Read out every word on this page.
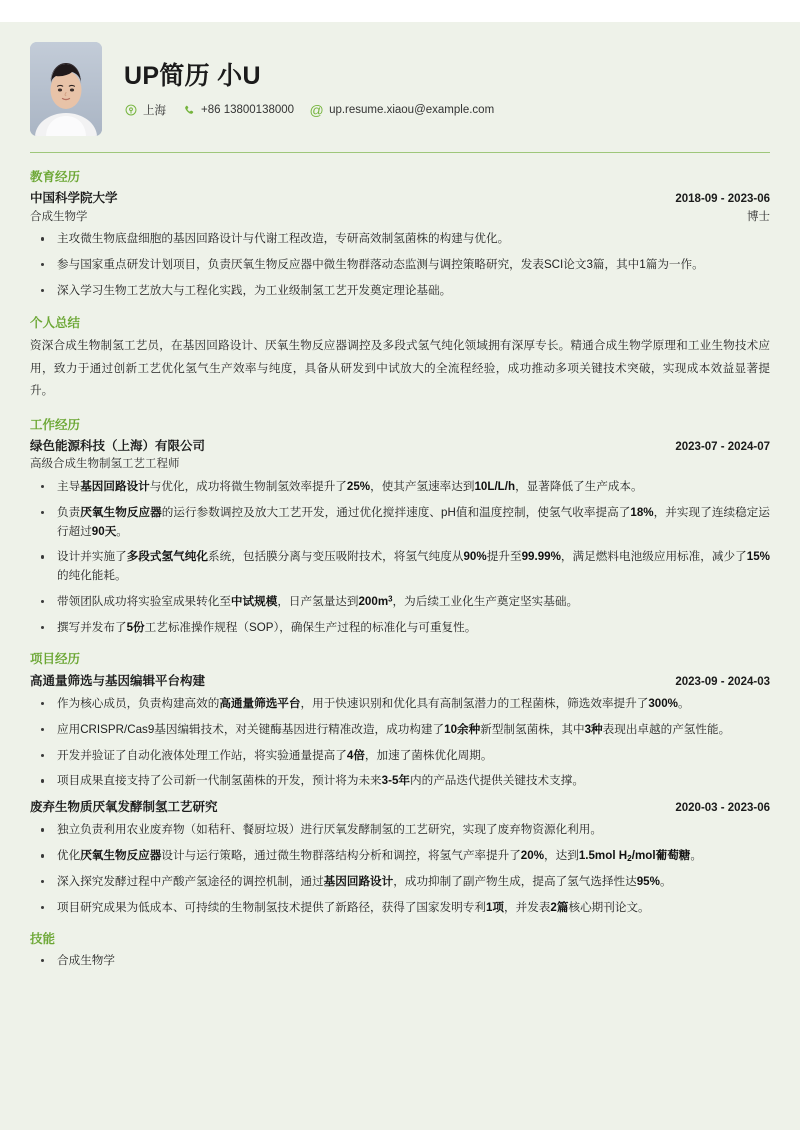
UP简历 小U
上海	+86 13800138000 @ up.resume.xiaou@example.com
教育经历
中国科学院大学	2018-09 - 2023-06
合成生物学	博士
主攻微生物底盘细胞的基因回路设计与代谢工程改造，专研高效制氢菌株的构建与优化。
参与国家重点研发计划项目，负责厌氧生物反应器中微生物群落动态监测与调控策略研究，发表SCI论文3篇，其中1篇为一作。
深入学习生物工艺放大与工程化实践，为工业级制氢工艺开发奠定理论基础。
个人总结
资深合成生物制氢工艺员，在基因回路设计、厌氧生物反应器调控及多段式氢气纯化领域拥有深厚专长。精通合成生物学原理和工业生物技术应用，致力于通过创新工艺优化氢气生产效率与纯度，具备从研发到中试放大的全流程经验，成功推动多项关键技术突破，实现成本效益显著提升。
工作经历
绿色能源科技（上海）有限公司	2023-07 - 2024-07
高级合成生物制氢工艺工程师
主导基因回路设计与优化，成功将微生物制氢效率提升了25%，使其产氢速率达到10L/L/h，显著降低了生产成本。
负责厌氧生物反应器的运行参数调控及放大工艺开发，通过优化搅拌速度、pH值和温度控制，使氢气收率提高了18%，并实现了连续稳定运行超过90天。
设计并实施了多段式氢气纯化系统，包括膜分离与变压吸附技术，将氢气纯度从90%提升至99.99%，满足燃料电池级应用标准，减少了15%的纯化能耗。
带领团队成功将实验室成果转化至中试规模，日产氢量达到$200m^3$，为后续工业化生产奠定坚实基础。
撰写并发布了5份工艺标准操作规程（SOP），确保生产过程的标准化与可重复性。
项目经历
高通量筛选与基因编辑平台构建	2023-09 - 2024-03
作为核心成员，负责构建高效的高通量筛选平台，用于快速识别和优化具有高制氢潜力的工程菌株，筛选效率提升了300%。
应用CRISPR/Cas9基因编辑技术，对关键酶基因进行精准改造，成功构建了10余种新型制氢菌株，其中3种表现出卓越的产氢性能。
开发并验证了自动化液体处理工作站，将实验通量提高了4倍，加速了菌株优化周期。
项目成果直接支持了公司新一代制氢菌株的开发，预计将为未来3-5年内的产品迭代提供关键技术支撑。
废弃生物质厌氧发酵制氢工艺研究	2020-03 - 2023-06
独立负责利用农业废弃物（如秸秆、餐厨垃圾）进行厌氧发酵制氢的工艺研究，实现了废弃物资源化利用。
优化厌氧生物反应器设计与运行策略，通过微生物群落结构分析和调控，将氢气产率提升了20%，达到1.5mol $H_2$/mol葡萄糖。
深入探究发酵过程中产酸产氢途径的调控机制，通过基因回路设计，成功抑制了副产物生成，提高了氢气选择性达95%。
项目研究成果为低成本、可持续的生物制氢技术提供了新路径，获得了国家发明专利1项，并发表2篇核心期刊论文。
技能
合成生物学
